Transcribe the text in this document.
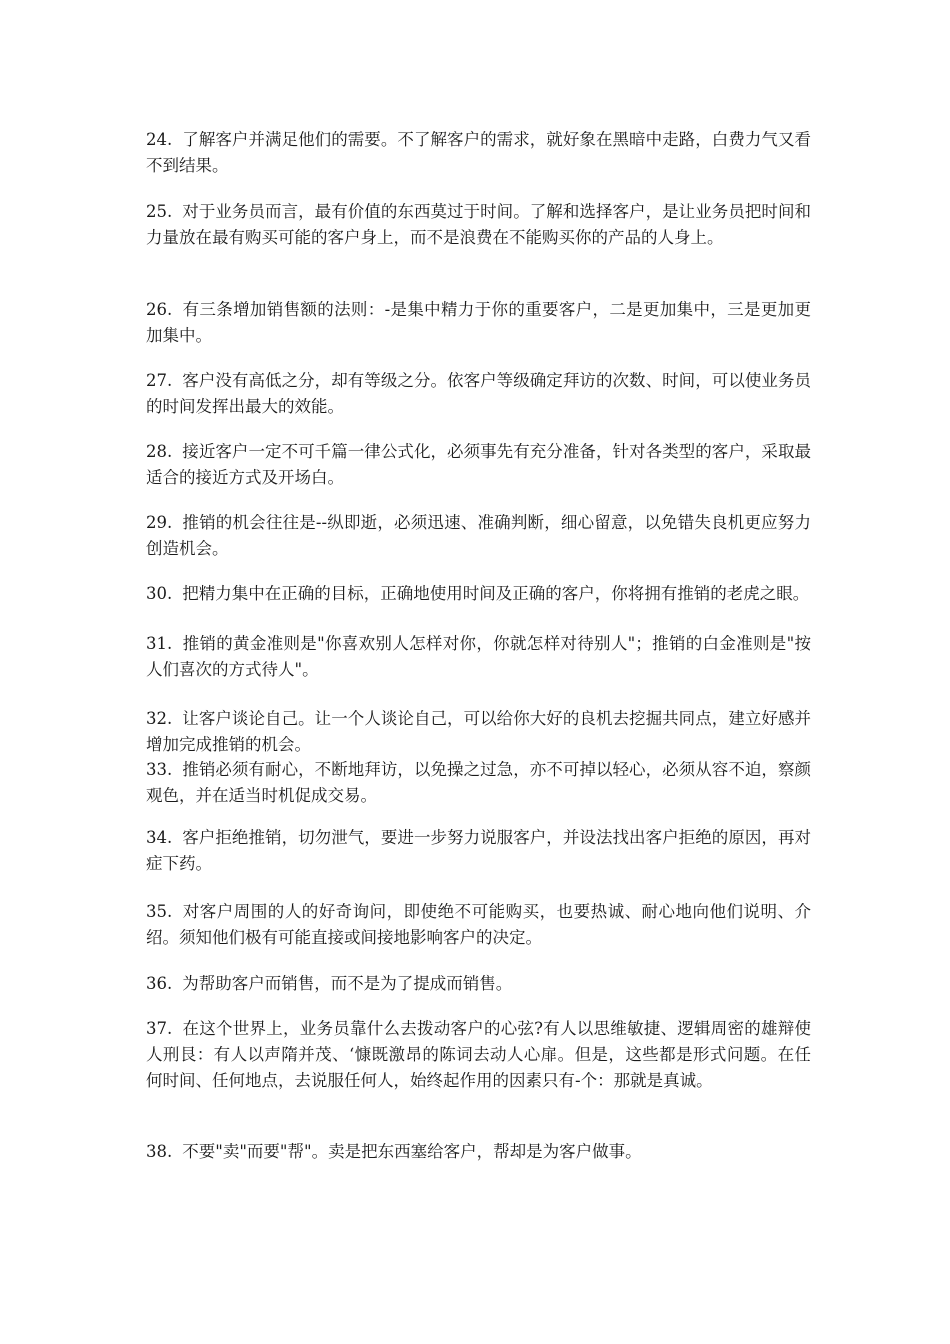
24. 了解客户并满足他们的需要。不了解客户的需求，就好象在黑暗中走路，白费力气又看不到结果。

25. 对于业务员而言，最有价值的东西莫过于时间。了解和选择客户，是让业务员把时间和力量放在最有购买可能的客户身上，而不是浪费在不能购买你的产品的人身上。

26. 有三条增加销售额的法则：-是集中精力于你的重要客户，二是更加集中，三是更加更加集中。

27. 客户没有高低之分，却有等级之分。依客户等级确定拜访的次数、时间，可以使业务员的时间发挥出最大的效能。

28. 接近客户一定不可千篇一律公式化，必须事先有充分准备，针对各类型的客户，采取最适合的接近方式及开场白。

29. 推销的机会往往是--纵即逝，必须迅速、准确判断，细心留意，以免错失良机更应努力创造机会。

30. 把精力集中在正确的目标，正确地使用时间及正确的客户，你将拥有推销的老虎之眼。

31. 推销的黄金准则是"你喜欢别人怎样对你，你就怎样对待别人"；推销的白金准则是"按人们喜次的方式待人"。

32. 让客户谈论自己。让一个人谈论自己，可以给你大好的良机去挖掘共同点，建立好感并增加完成推销的机会。

33. 推销必须有耐心，不断地拜访，以免操之过急，亦不可掉以轻心，必须从容不迫，察颜观色，并在适当时机促成交易。

34. 客户拒绝推销，切勿泄气，要进一步努力说服客户，并设法找出客户拒绝的原因，再对症下药。

35. 对客户周围的人的好奇询问，即使绝不可能购买，也要热诚、耐心地向他们说明、介绍。须知他们极有可能直接或间接地影响客户的决定。

36. 为帮助客户而销售，而不是为了提成而销售。

37. 在这个世界上，业务员靠什么去拨动客户的心弦?有人以思维敏捷、逻辑周密的雄辩使人刑艮：有人以声隋并茂、‘慷既激昂的陈词去动人心扉。但是，这些都是形式问题。在任何时间、任何地点，去说服任何人，始终起作用的因素只有-个：那就是真诚。

38. 不要"卖"而要"帮"。卖是把东西塞给客户，帮却是为客户做事。
